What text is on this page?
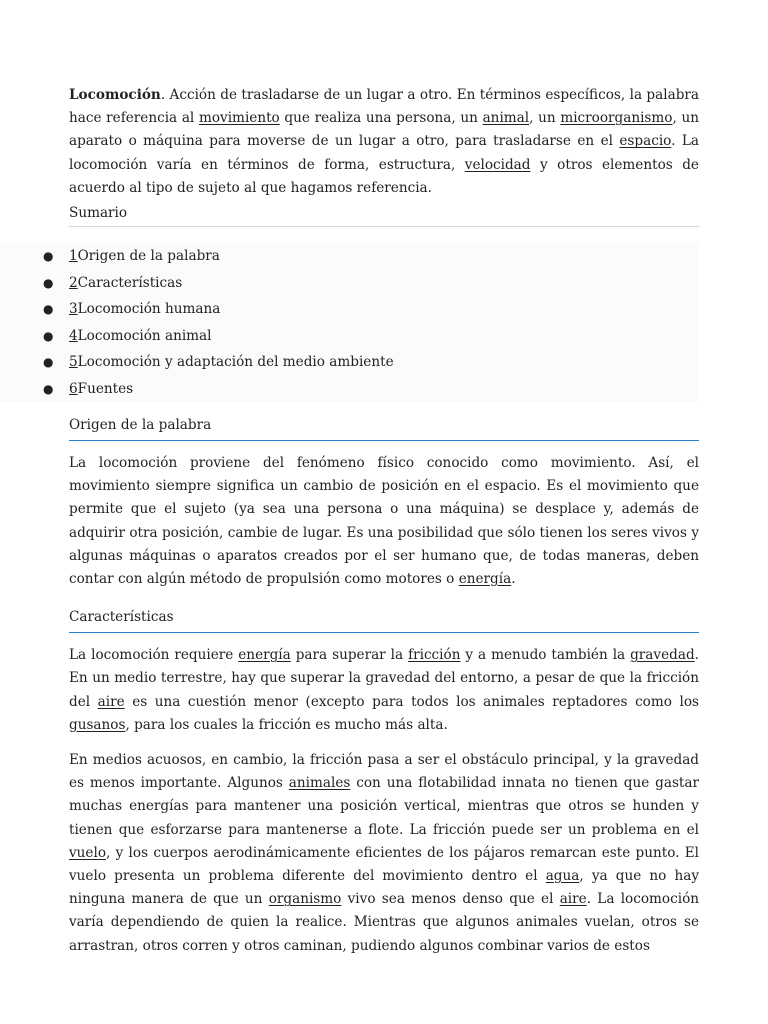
Locomoción. Acción de trasladarse de un lugar a otro. En términos específicos, la palabra hace referencia al movimiento que realiza una persona, un animal, un microorganismo, un aparato o máquina para moverse de un lugar a otro, para trasladarse en el espacio. La locomoción varía en términos de forma, estructura, velocidad y otros elementos de acuerdo al tipo de sujeto al que hagamos referencia.

Sumario
● 1Origen de la palabra
● 2Características
● 3Locomoción humana
● 4Locomoción animal
● 5Locomoción y adaptación del medio ambiente
● 6Fuentes
Origen de la palabra

La locomoción proviene del fenómeno físico conocido como movimiento. Así, el movimiento siempre significa un cambio de posición en el espacio. Es el movimiento que permite que el sujeto (ya sea una persona o una máquina) se desplace y, además de adquirir otra posición, cambie de lugar. Es una posibilidad que sólo tienen los seres vivos y algunas máquinas o aparatos creados por el ser humano que, de todas maneras, deben contar con algún método de propulsión como motores o energía.

Características

La locomoción requiere energía para superar la fricción y a menudo también la gravedad. En un medio terrestre, hay que superar la gravedad del entorno, a pesar de que la fricción del aire es una cuestión menor (excepto para todos los animales reptadores como los gusanos, para los cuales la fricción es mucho más alta.

En medios acuosos, en cambio, la fricción pasa a ser el obstáculo principal, y la gravedad es menos importante. Algunos animales con una flotabilidad innata no tienen que gastar muchas energías para mantener una posición vertical, mientras que otros se hunden y tienen que esforzarse para mantenerse a flote. La fricción puede ser un problema en el vuelo, y los cuerpos aerodinámicamente eficientes de los pájaros remarcan este punto. El vuelo presenta un problema diferente del movimiento dentro el agua, ya que no hay ninguna manera de que un organismo vivo sea menos denso que el aire. La locomoción varía dependiendo de quien la realice. Mientras que algunos animales vuelan, otros se arrastran, otros corren y otros caminan, pudiendo algunos combinar varios de estos
